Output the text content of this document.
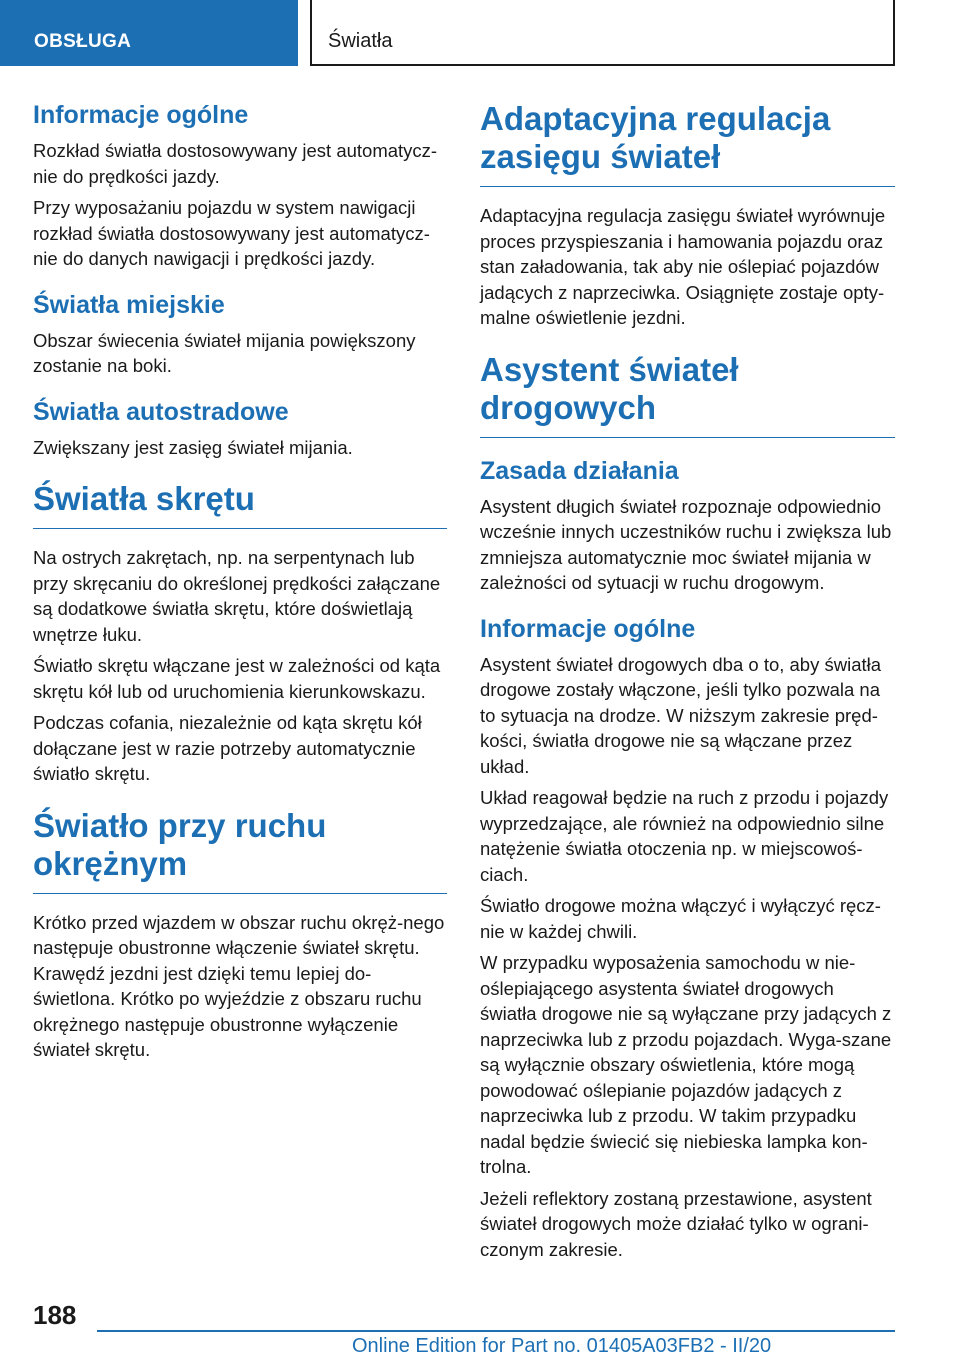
OBSŁUGA	Światła
Informacje ogólne

Rozkład światła dostosowywany jest automatycz-nie do prędkości jazdy.

Przy wyposażaniu pojazdu w system nawigacji rozkład światła dostosowywany jest automatycz-nie do danych nawigacji i prędkości jazdy.

Światła miejskie

Obszar świecenia świateł mijania powiększony zostanie na boki.

Światła autostradowe

Zwiększany jest zasięg świateł mijania.

Światła skrętu

Na ostrych zakrętach, np. na serpentynach lub przy skręcaniu do określonej prędkości załączane są dodatkowe światła skrętu, które doświetlają wnętrze łuku.

Światło skrętu włączane jest w zależności od kąta skrętu kół lub od uruchomienia kierunkowskazu.

Podczas cofania, niezależnie od kąta skrętu kół dołączane jest w razie potrzeby automatycznie światło skrętu.

Światło przy ruchu okrężnym

Krótko przed wjazdem w obszar ruchu okręż-nego następuje obustronne włączenie świateł skrętu. Krawędź jezdni jest dzięki temu lepiej do-świetlona. Krótko po wyjeździe z obszaru ruchu okrężnego następuje obustronne wyłączenie świateł skrętu.

Adaptacyjna regulacja zasięgu świateł

Adaptacyjna regulacja zasięgu świateł wyrównuje proces przyspieszania i hamowania pojazdu oraz stan załadowania, tak aby nie oślepiać pojazdów jadących z naprzeciwka. Osiągnięte zostaje opty-malne oświetlenie jezdni.

Asystent świateł drogowych
Zasada działania

Asystent długich świateł rozpoznaje odpowiednio wcześnie innych uczestników ruchu i zwiększa lub zmniejsza automatycznie moc świateł mijania w zależności od sytuacji w ruchu drogowym.

Informacje ogólne

Asystent świateł drogowych dba o to, aby światła drogowe zostały włączone, jeśli tylko pozwala na to sytuacja na drodze. W niższym zakresie pręd-kości, światła drogowe nie są włączane przez układ.

Układ reagował będzie na ruch z przodu i pojazdy wyprzedzające, ale również na odpowiednio silne natężenie światła otoczenia np. w miejscowoś-ciach.

Światło drogowe można włączyć i wyłączyć ręcz-nie w każdej chwili.

W przypadku wyposażenia samochodu w nie-oślepiającego asystenta świateł drogowych światła drogowe nie są wyłączane przy jadących z naprzeciwka lub z przodu pojazdach. Wyga-szane są wyłącznie obszary oświetlenia, które mogą powodować oślepianie pojazdów jadących z naprzeciwka lub z przodu. W takim przypadku nadal będzie świecić się niebieska lampka kon-trolna.

Jeżeli reflektory zostaną przestawione, asystent świateł drogowych może działać tylko w ograni-czonym zakresie.

188
Online Edition for Part no. 01405A03FB2 - II/20
